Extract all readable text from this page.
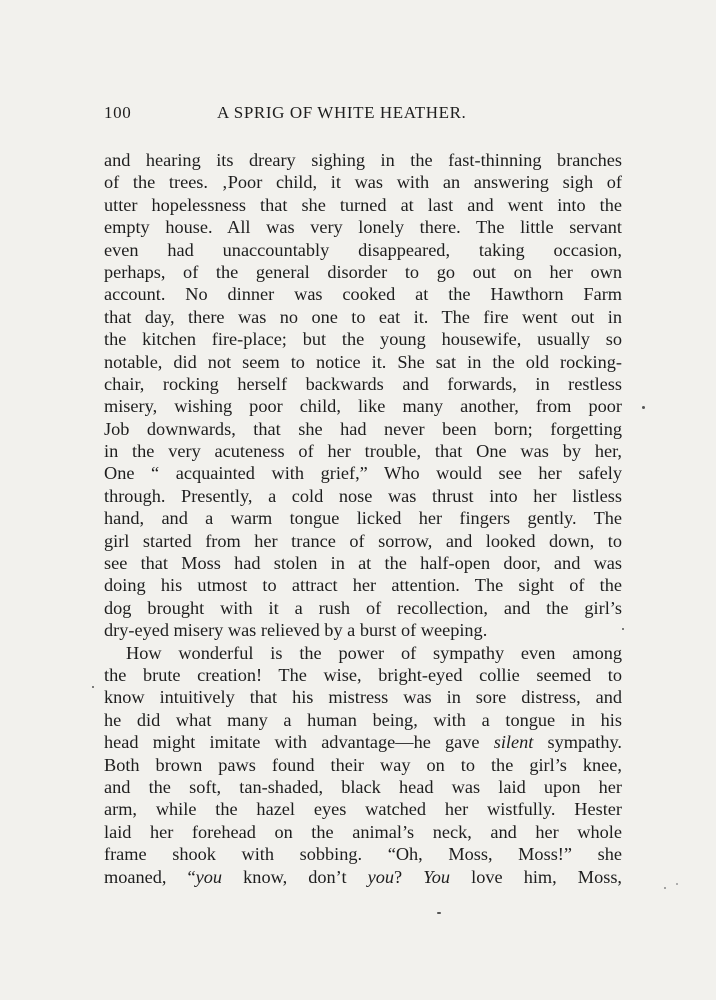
100	A SPRIG OF WHITE HEATHER.
and hearing its dreary sighing in the fast-thinning branches
of the trees. ‚Poor child, it was with an answering sigh of
utter hopelessness that she turned at last and went into the
empty house. All was very lonely there. The little servant
even had unaccountably disappeared, taking occasion,
perhaps, of the general disorder to go out on her own
account. No dinner was cooked at the Hawthorn Farm
that day, there was no one to eat it. The fire went out in
the kitchen fire-place; but the young housewife, usually so
notable, did not seem to notice it. She sat in the old rocking-
chair, rocking herself backwards and forwards, in restless
misery, wishing poor child, like many another, from poor
Job downwards, that she had never been born; forgetting
in the very acuteness of her trouble, that One was by her,
One “ acquainted with grief,” Who would see her safely
through. Presently, a cold nose was thrust into her listless
hand, and a warm tongue licked her fingers gently. The
girl started from her trance of sorrow, and looked down, to
see that Moss had stolen in at the half-open door, and was
doing his utmost to attract her attention. The sight of the
dog brought with it a rush of recollection, and the girl’s
dry-eyed misery was relieved by a burst of weeping.
How wonderful is the power of sympathy even among
the brute creation! The wise, bright-eyed collie seemed to
know intuitively that his mistress was in sore distress, and
he did what many a human being, with a tongue in his
head might imitate with advantage—he gave silent sympathy.
Both brown paws found their way on to the girl’s knee,
and the soft, tan-shaded, black head was laid upon her
arm, while the hazel eyes watched her wistfully. Hester
laid her forehead on the animal’s neck, and her whole
frame shook with sobbing. “Oh, Moss, Moss!” she
moaned, “you know, don’t you? You love him, Moss,
